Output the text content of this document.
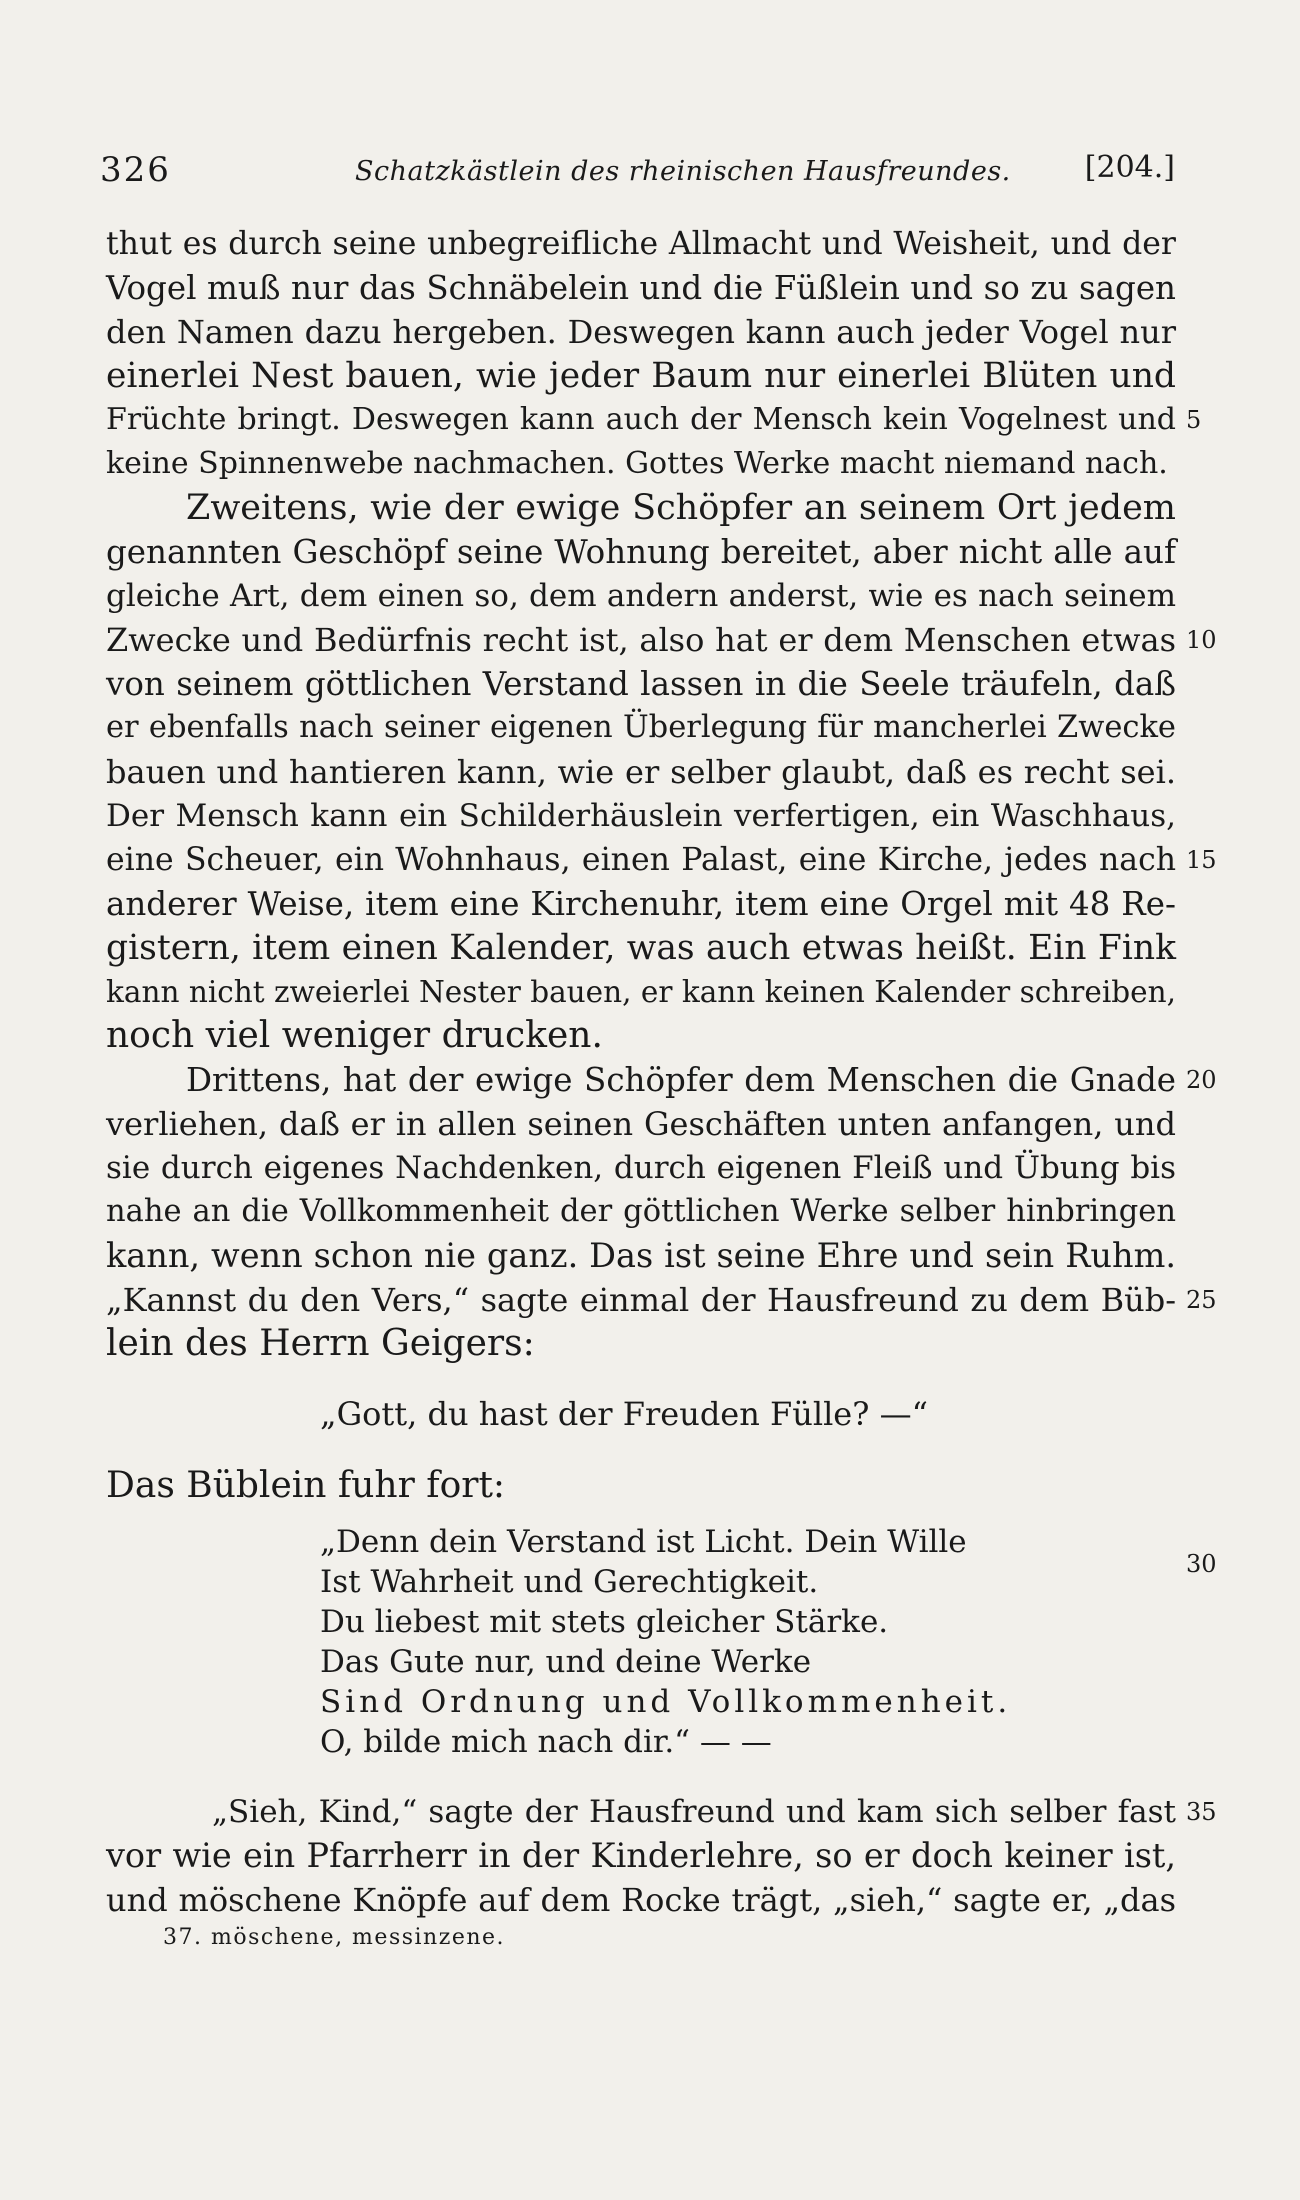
326	Schatzkästlein des rheinischen Hausfreundes. [204.]
thut es durch seine unbegreifliche Allmacht und Weisheit, und der
Vogel muß nur das Schnäbelein und die Füßlein und so zu sagen
den Namen dazu hergeben. Deswegen kann auch jeder Vogel nur
einerlei Nest bauen, wie jeder Baum nur einerlei Blüten und
Früchte bringt. Deswegen kann auch der Mensch kein Vogelnest und
keine Spinnenwebe nachmachen. Gottes Werke macht niemand nach.
Zweitens, wie der ewige Schöpfer an seinem Ort jedem
genannten Geschöpf seine Wohnung bereitet, aber nicht alle auf
gleiche Art, dem einen so, dem andern anderst, wie es nach seinem
Zwecke und Bedürfnis recht ist, also hat er dem Menschen etwas
von seinem göttlichen Verstand lassen in die Seele träufeln, daß
er ebenfalls nach seiner eigenen Überlegung für mancherlei Zwecke
bauen und hantieren kann, wie er selber glaubt, daß es recht sei.
Der Mensch kann ein Schilderhäuslein verfertigen, ein Waschhaus,
eine Scheuer, ein Wohnhaus, einen Palast, eine Kirche, jedes nach
anderer Weise, item eine Kirchenuhr, item eine Orgel mit 48 Re-
gistern, item einen Kalender, was auch etwas heißt. Ein Fink
kann nicht zweierlei Nester bauen, er kann keinen Kalender schreiben,
noch viel weniger drucken.
Drittens, hat der ewige Schöpfer dem Menschen die Gnade
verliehen, daß er in allen seinen Geschäften unten anfangen, und
sie durch eigenes Nachdenken, durch eigenen Fleiß und Übung bis
nahe an die Vollkommenheit der göttlichen Werke selber hinbringen
kann, wenn schon nie ganz. Das ist seine Ehre und sein Ruhm.
„Kannst du den Vers,“ sagte einmal der Hausfreund zu dem Büb-
lein des Herrn Geigers:
„Gott, du hast der Freuden Fülle? —“
Das Büblein fuhr fort:
„Denn dein Verstand ist Licht. Dein Wille
Ist Wahrheit und Gerechtigkeit.
Du liebest mit stets gleicher Stärke.
Das Gute nur, und deine Werke
Sind Ordnung und Vollkommenheit.
O, bilde mich nach dir.“ — —
„Sieh, Kind,“ sagte der Hausfreund und kam sich selber fast
vor wie ein Pfarrherr in der Kinderlehre, so er doch keiner ist,
und möschene Knöpfe auf dem Rocke trägt, „sieh,“ sagte er, „das
5
10
15
20
25
30
35
37. möschene, messinzene.
